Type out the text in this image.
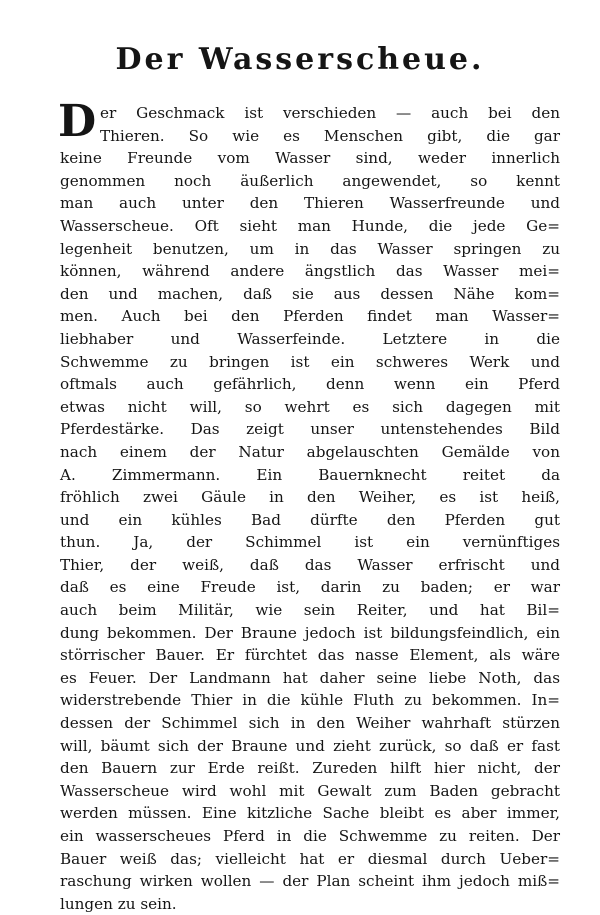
Der Wasserscheue.
D er Geschmack ist verschieden — auch bei den
Thieren. So wie es Menschen gibt, die gar
keine Freunde vom Wasser sind, weder innerlich
genommen noch äußerlich angewendet, so kennt
man auch unter den Thieren Wasserfreunde und
Wasserscheue. Oft sieht man Hunde, die jede Ge=
legenheit benutzen, um in das Wasser springen zu
können, während andere ängstlich das Wasser mei=
den und machen, daß sie aus dessen Nähe kom=
men. Auch bei den Pferden findet man Wasser=
liebhaber und Wasserfeinde. Letztere in die
Schwemme zu bringen ist ein schweres Werk und
oftmals auch gefährlich, denn wenn ein Pferd
etwas nicht will, so wehrt es sich dagegen mit
Pferdestärke. Das zeigt unser untenstehendes Bild
nach einem der Natur abgelauschten Gemälde von
A. Zimmermann. Ein Bauernknecht reitet da
fröhlich zwei Gäule in den Weiher, es ist heiß,
und ein kühles Bad dürfte den Pferden gut
thun. Ja, der Schimmel ist ein vernünftiges
Thier, der weiß, daß das Wasser erfrischt und
daß es eine Freude ist, darin zu baden; er war
auch beim Militär, wie sein Reiter, und hat Bil=
dung bekommen. Der Braune jedoch ist bildungsfeindlich, ein
störrischer Bauer. Er fürchtet das nasse Element, als wäre
es Feuer. Der Landmann hat daher seine liebe Noth, das
widerstrebende Thier in die kühle Fluth zu bekommen. In=
dessen der Schimmel sich in den Weiher wahrhaft stürzen
will, bäumt sich der Braune und zieht zurück, so daß er fast
den Bauern zur Erde reißt. Zureden hilft hier nicht, der
Wasserscheue wird wohl mit Gewalt zum Baden gebracht
werden müssen. Eine kitzliche Sache bleibt es aber immer,
ein wasserscheues Pferd in die Schwemme zu reiten. Der
Bauer weiß das; vielleicht hat er diesmal durch Ueber=
raschung wirken wollen — der Plan scheint ihm jedoch miß=
lungen zu sein.
